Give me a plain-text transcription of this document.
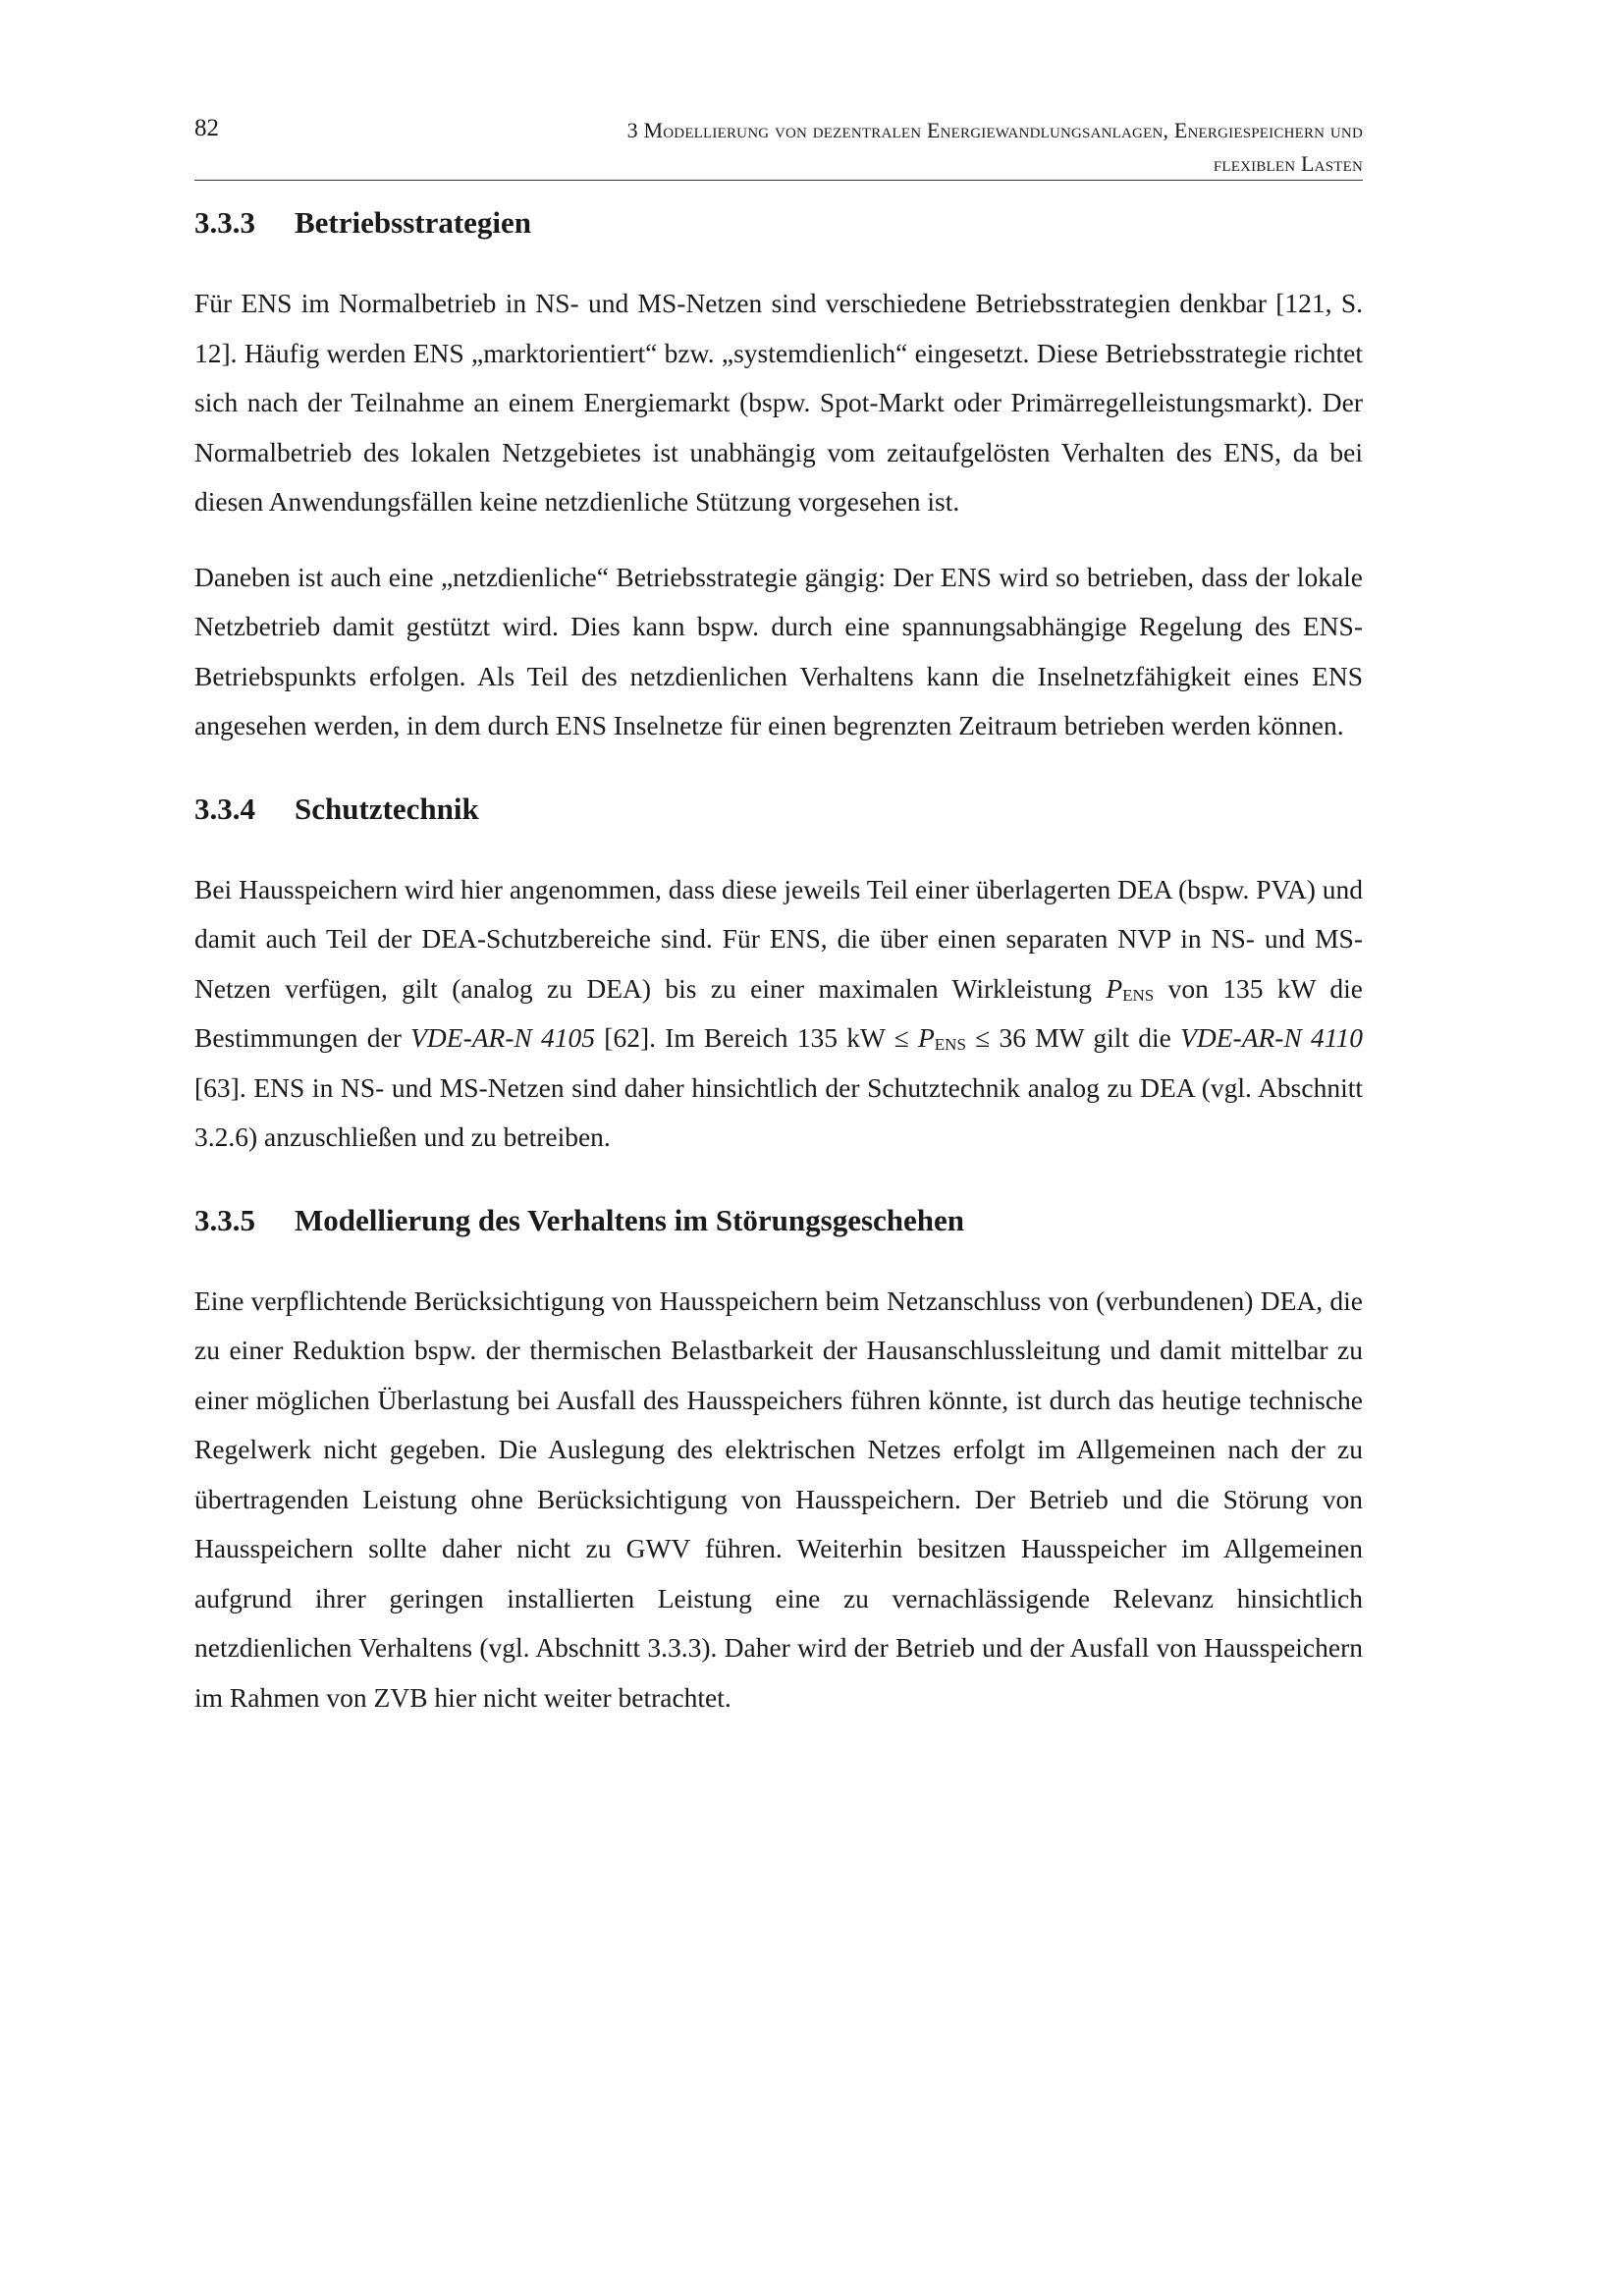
82	3 Modellierung von dezentralen Energiewandlungsanlagen, Energiespeichern und
flexiblen Lasten
3.3.3	Betriebsstrategien

Für ENS im Normalbetrieb in NS- und MS-Netzen sind verschiedene Betriebsstrategien denkbar [121, S. 12]. Häufig werden ENS „marktorientiert“ bzw. „systemdienlich“ eingesetzt. Diese Betriebsstrategie richtet sich nach der Teilnahme an einem Energiemarkt (bspw. Spot-Markt oder Primärregelleistungsmarkt). Der Normalbetrieb des lokalen Netzgebietes ist unabhängig vom zeitaufgelösten Verhalten des ENS, da bei diesen Anwendungsfällen keine netzdienliche Stützung vorgesehen ist.

Daneben ist auch eine „netzdienliche“ Betriebsstrategie gängig: Der ENS wird so betrieben, dass der lokale Netzbetrieb damit gestützt wird. Dies kann bspw. durch eine spannungsabhängige Regelung des ENS-Betriebspunkts erfolgen. Als Teil des netzdienlichen Verhaltens kann die Inselnetzfähigkeit eines ENS angesehen werden, in dem durch ENS Inselnetze für einen begrenzten Zeitraum betrieben werden können.

3.3.4	Schutztechnik

Bei Hausspeichern wird hier angenommen, dass diese jeweils Teil einer überlagerten DEA (bspw. PVA) und damit auch Teil der DEA-Schutzbereiche sind. Für ENS, die über einen separaten NVP in NS- und MS-Netzen verfügen, gilt (analog zu DEA) bis zu einer maximalen Wirkleistung $P_{ENS}$ von 135 kW die Bestimmungen der VDE-AR-N 4105 [62]. Im Bereich 135 kW ≤ $P_{ENS} \le 36$ MW gilt die VDE-AR-N 4110 [63]. ENS in NS- und MS-Netzen sind daher hinsichtlich der Schutztechnik analog zu DEA (vgl. Abschnitt 3.2.6) anzuschließen und zu betreiben.

3.3.5	Modellierung des Verhaltens im Störungsgeschehen

Eine verpflichtende Berücksichtigung von Hausspeichern beim Netzanschluss von (verbundenen) DEA, die zu einer Reduktion bspw. der thermischen Belastbarkeit der Hausanschlussleitung und damit mittelbar zu einer möglichen Überlastung bei Ausfall des Hausspeichers führen könnte, ist durch das heutige technische Regelwerk nicht gegeben. Die Auslegung des elektrischen Netzes erfolgt im Allgemeinen nach der zu übertragenden Leistung ohne Berücksichtigung von Hausspeichern. Der Betrieb und die Störung von Hausspeichern sollte daher nicht zu GWV führen. Weiterhin besitzen Hausspeicher im Allgemeinen aufgrund ihrer geringen installierten Leistung eine zu vernachlässigende Relevanz hinsichtlich netzdienlichen Verhaltens (vgl. Abschnitt 3.3.3). Daher wird der Betrieb und der Ausfall von Hausspeichern im Rahmen von ZVB hier nicht weiter betrachtet.
